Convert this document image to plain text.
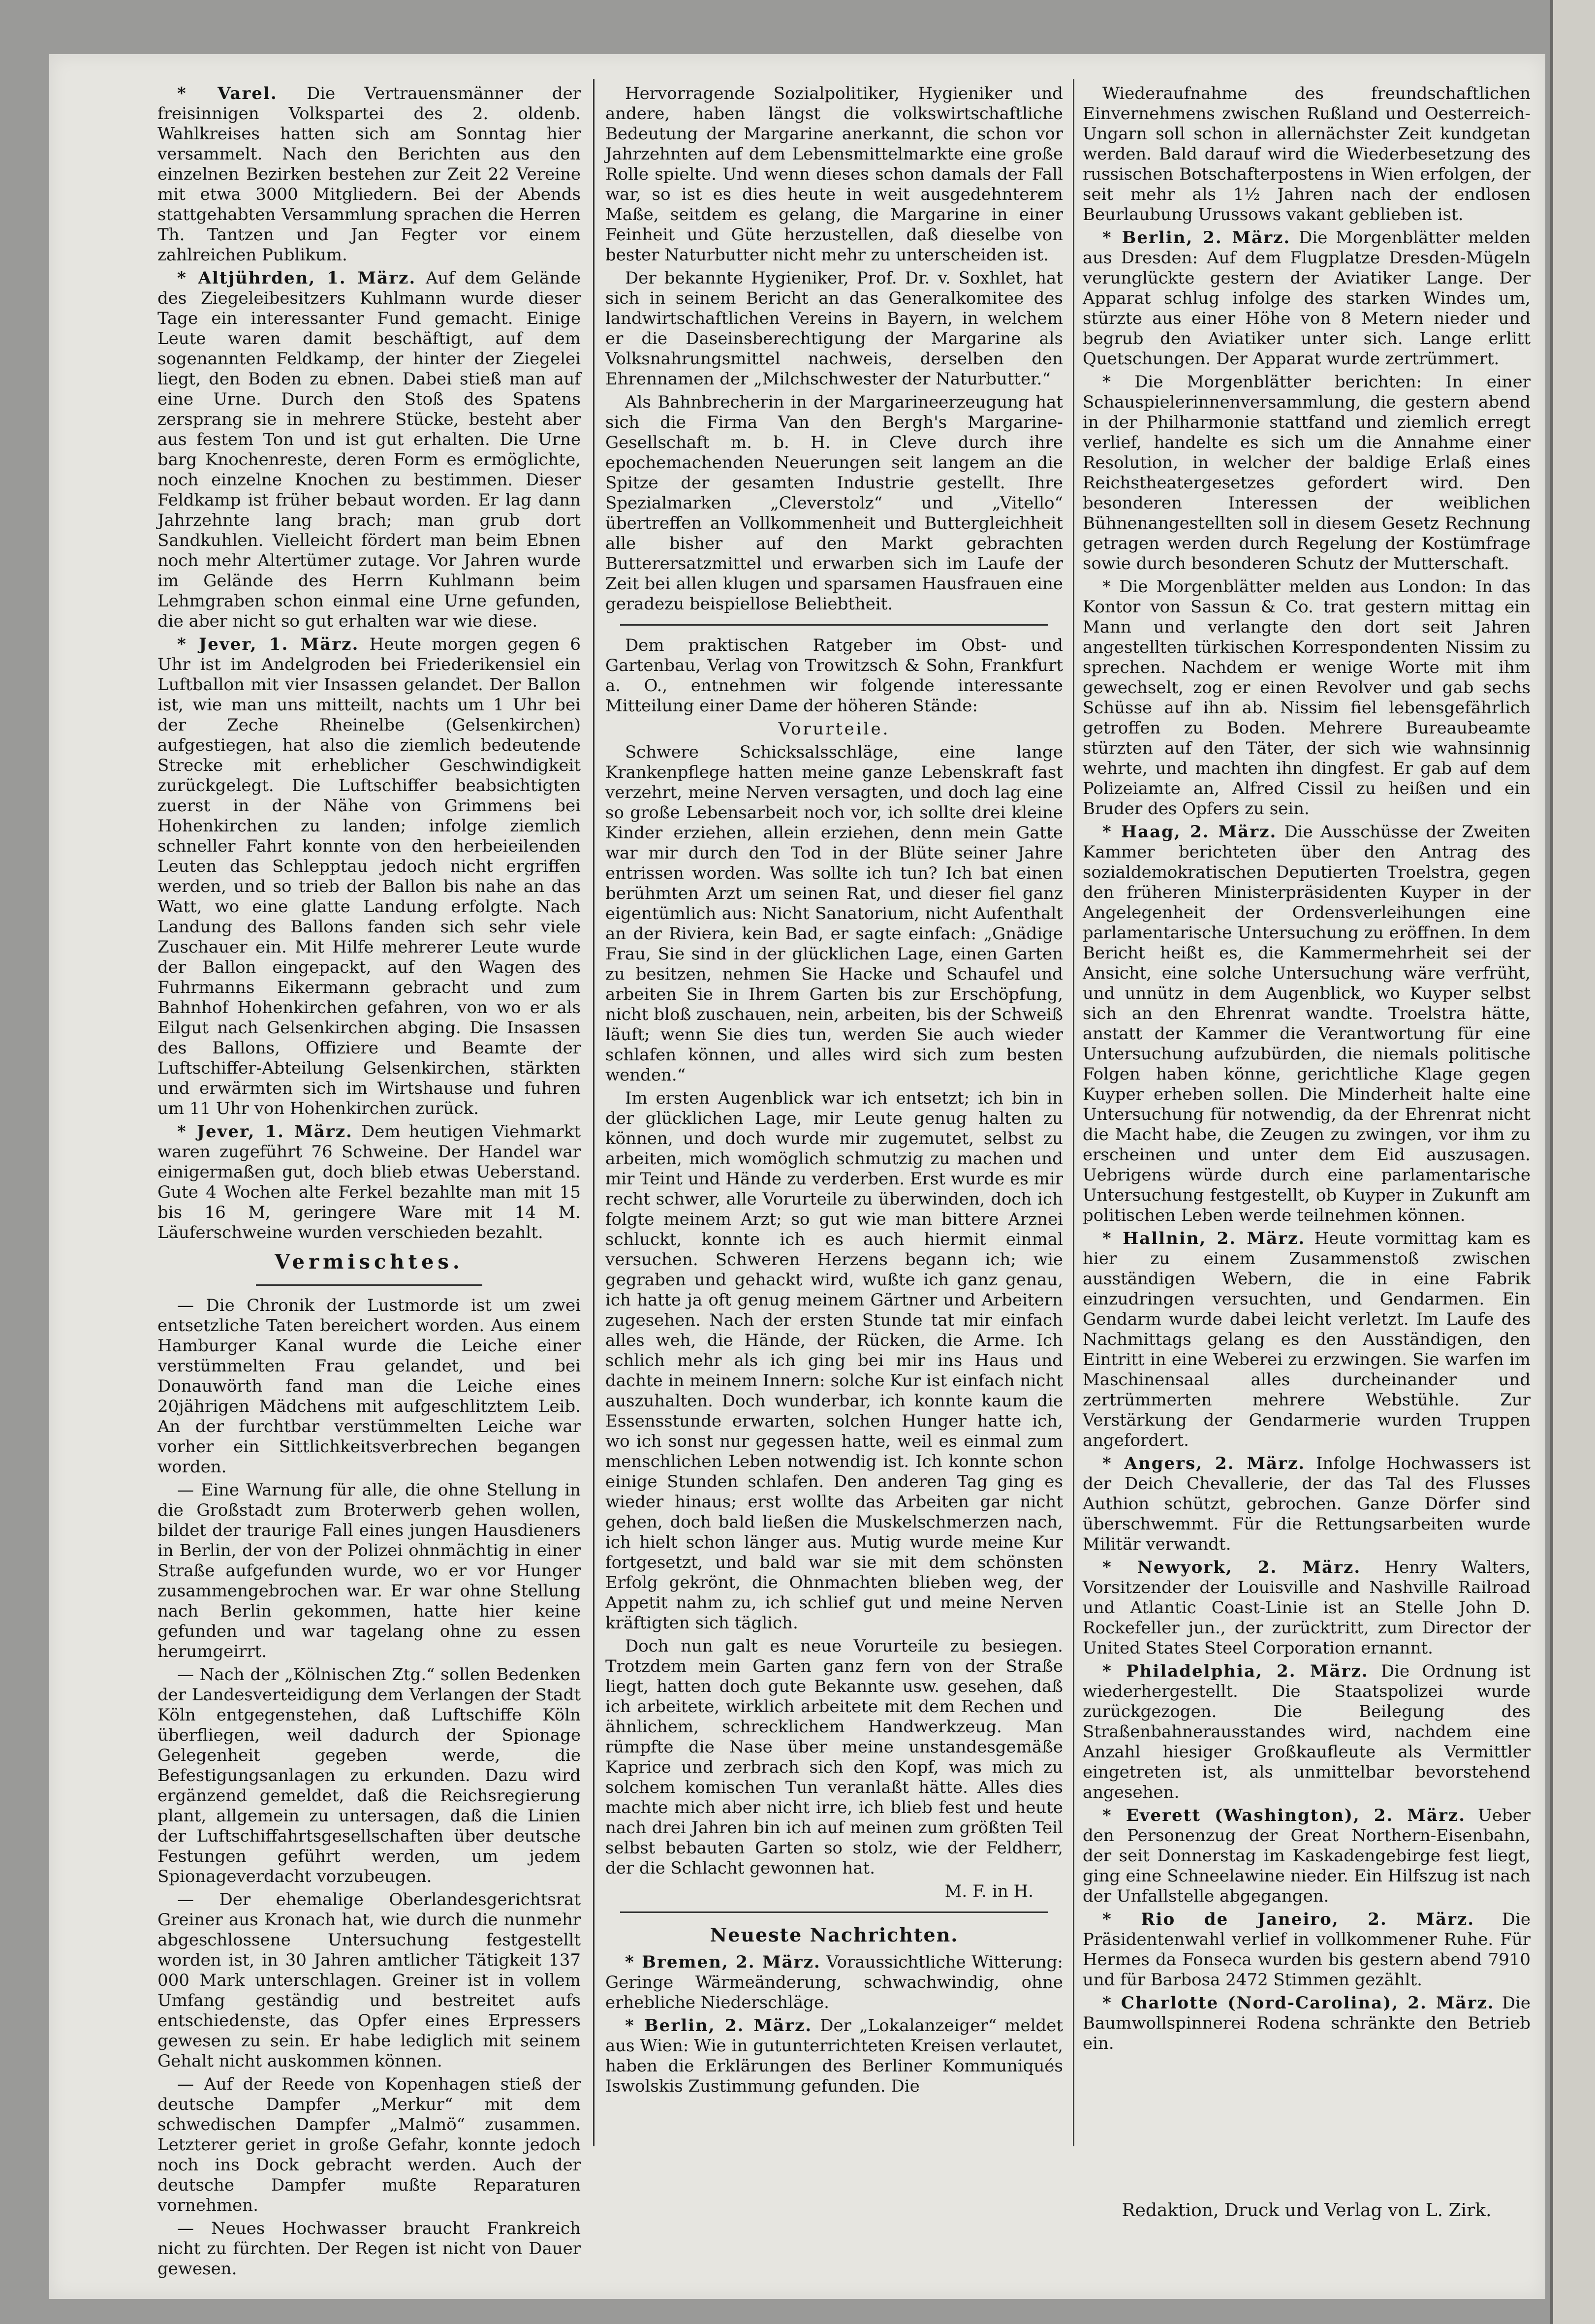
* Varel. Die Vertrauensmänner der freisinnigen Volkspartei des 2. oldenb. Wahlkreises hatten sich am Sonntag hier versammelt. Nach den Berichten aus den einzelnen Bezirken bestehen zur Zeit 22 Vereine mit etwa 3000 Mitgliedern. Bei der Abends stattgehabten Versammlung sprachen die Herren Th. Tantzen und Jan Fegter vor einem zahlreichen Publikum.

* Altjührden, 1. März. Auf dem Gelände des Ziegeleibesitzers Kuhlmann wurde dieser Tage ein interessanter Fund gemacht. Einige Leute waren damit beschäftigt, auf dem sogenannten Feldkamp, der hinter der Ziegelei liegt, den Boden zu ebnen. Dabei stieß man auf eine Urne. Durch den Stoß des Spatens zersprang sie in mehrere Stücke, besteht aber aus festem Ton und ist gut erhalten. Die Urne barg Knochenreste, deren Form es ermöglichte, noch einzelne Knochen zu bestimmen. Dieser Feldkamp ist früher bebaut worden. Er lag dann Jahrzehnte lang brach; man grub dort Sandkuhlen. Vielleicht fördert man beim Ebnen noch mehr Altertümer zutage. Vor Jahren wurde im Gelände des Herrn Kuhlmann beim Lehmgraben schon einmal eine Urne gefunden, die aber nicht so gut erhalten war wie diese.

* Jever, 1. März. Heute morgen gegen 6 Uhr ist im Andelgroden bei Friederikensiel ein Luftballon mit vier Insassen gelandet. Der Ballon ist, wie man uns mitteilt, nachts um 1 Uhr bei der Zeche Rheinelbe (Gelsenkirchen) aufgestiegen, hat also die ziemlich bedeutende Strecke mit erheblicher Geschwindigkeit zurückgelegt. Die Luftschiffer beabsichtigten zuerst in der Nähe von Grimmens bei Hohenkirchen zu landen; infolge ziemlich schneller Fahrt konnte von den herbeieilenden Leuten das Schlepptau jedoch nicht ergriffen werden, und so trieb der Ballon bis nahe an das Watt, wo eine glatte Landung erfolgte. Nach Landung des Ballons fanden sich sehr viele Zuschauer ein. Mit Hilfe mehrerer Leute wurde der Ballon eingepackt, auf den Wagen des Fuhrmanns Eikermann gebracht und zum Bahnhof Hohenkirchen gefahren, von wo er als Eilgut nach Gelsenkirchen abging. Die Insassen des Ballons, Offiziere und Beamte der Luftschiffer-Abteilung Gelsenkirchen, stärkten und erwärmten sich im Wirtshause und fuhren um 11 Uhr von Hohenkirchen zurück.

* Jever, 1. März. Dem heutigen Viehmarkt waren zugeführt 76 Schweine. Der Handel war einigermaßen gut, doch blieb etwas Ueberstand. Gute 4 Wochen alte Ferkel bezahlte man mit 15 bis 16 M, geringere Ware mit 14 M. Läuferschweine wurden verschieden bezahlt.

Vermischtes.

— Die Chronik der Lustmorde ist um zwei entsetzliche Taten bereichert worden. Aus einem Hamburger Kanal wurde die Leiche einer verstümmelten Frau gelandet, und bei Donauwörth fand man die Leiche eines 20jährigen Mädchens mit aufgeschlitztem Leib. An der furchtbar verstümmelten Leiche war vorher ein Sittlichkeitsverbrechen begangen worden.

— Eine Warnung für alle, die ohne Stellung in die Großstadt zum Broterwerb gehen wollen, bildet der traurige Fall eines jungen Hausdieners in Berlin, der von der Polizei ohnmächtig in einer Straße aufgefunden wurde, wo er vor Hunger zusammengebrochen war. Er war ohne Stellung nach Berlin gekommen, hatte hier keine gefunden und war tagelang ohne zu essen herumgeirrt.

— Nach der „Kölnischen Ztg.“ sollen Bedenken der Landesverteidigung dem Verlangen der Stadt Köln entgegenstehen, daß Luftschiffe Köln überfliegen, weil dadurch der Spionage Gelegenheit gegeben werde, die Befestigungsanlagen zu erkunden. Dazu wird ergänzend gemeldet, daß die Reichsregierung plant, allgemein zu untersagen, daß die Linien der Luftschiffahrtsgesellschaften über deutsche Festungen geführt werden, um jedem Spionageverdacht vorzubeugen.

— Der ehemalige Oberlandesgerichtsrat Greiner aus Kronach hat, wie durch die nunmehr abgeschlossene Untersuchung festgestellt worden ist, in 30 Jahren amtlicher Tätigkeit 137 000 Mark unterschlagen. Greiner ist in vollem Umfang geständig und bestreitet aufs entschiedenste, das Opfer eines Erpressers gewesen zu sein. Er habe lediglich mit seinem Gehalt nicht auskommen können.

— Auf der Reede von Kopenhagen stieß der deutsche Dampfer „Merkur“ mit dem schwedischen Dampfer „Malmö“ zusammen. Letzterer geriet in große Gefahr, konnte jedoch noch ins Dock gebracht werden. Auch der deutsche Dampfer mußte Reparaturen vornehmen.

— Neues Hochwasser braucht Frankreich nicht zu fürchten. Der Regen ist nicht von Dauer gewesen.

Hervorragende Sozialpolitiker, Hygieniker und andere, haben längst die volkswirtschaftliche Bedeutung der Margarine anerkannt, die schon vor Jahrzehnten auf dem Lebensmittelmarkte eine große Rolle spielte. Und wenn dieses schon damals der Fall war, so ist es dies heute in weit ausgedehnterem Maße, seitdem es gelang, die Margarine in einer Feinheit und Güte herzustellen, daß dieselbe von bester Naturbutter nicht mehr zu unterscheiden ist.

Der bekannte Hygieniker, Prof. Dr. v. Soxhlet, hat sich in seinem Bericht an das Generalkomitee des landwirtschaftlichen Vereins in Bayern, in welchem er die Daseinsberechtigung der Margarine als Volksnahrungsmittel nachweis, derselben den Ehrennamen der „Milchschwester der Naturbutter.“

Als Bahnbrecherin in der Margarineerzeugung hat sich die Firma Van den Bergh's Margarine-Gesellschaft m. b. H. in Cleve durch ihre epochemachenden Neuerungen seit langem an die Spitze der gesamten Industrie gestellt. Ihre Spezialmarken „Cleverstolz“ und „Vitello“ übertreffen an Vollkommenheit und Buttergleichheit alle bisher auf den Markt gebrachten Butterersatzmittel und erwarben sich im Laufe der Zeit bei allen klugen und sparsamen Hausfrauen eine geradezu beispiellose Beliebtheit.

Dem praktischen Ratgeber im Obst- und Gartenbau, Verlag von Trowitzsch & Sohn, Frankfurt a. O., entnehmen wir folgende interessante Mitteilung einer Dame der höheren Stände:

Vorurteile.

Schwere Schicksalsschläge, eine lange Krankenpflege hatten meine ganze Lebenskraft fast verzehrt, meine Nerven versagten, und doch lag eine so große Lebensarbeit noch vor, ich sollte drei kleine Kinder erziehen, allein erziehen, denn mein Gatte war mir durch den Tod in der Blüte seiner Jahre entrissen worden. Was sollte ich tun? Ich bat einen berühmten Arzt um seinen Rat, und dieser fiel ganz eigentümlich aus: Nicht Sanatorium, nicht Aufenthalt an der Riviera, kein Bad, er sagte einfach: „Gnädige Frau, Sie sind in der glücklichen Lage, einen Garten zu besitzen, nehmen Sie Hacke und Schaufel und arbeiten Sie in Ihrem Garten bis zur Erschöpfung, nicht bloß zuschauen, nein, arbeiten, bis der Schweiß läuft; wenn Sie dies tun, werden Sie auch wieder schlafen können, und alles wird sich zum besten wenden.“

Im ersten Augenblick war ich entsetzt; ich bin in der glücklichen Lage, mir Leute genug halten zu können, und doch wurde mir zugemutet, selbst zu arbeiten, mich womöglich schmutzig zu machen und mir Teint und Hände zu verderben. Erst wurde es mir recht schwer, alle Vorurteile zu überwinden, doch ich folgte meinem Arzt; so gut wie man bittere Arznei schluckt, konnte ich es auch hiermit einmal versuchen. Schweren Herzens begann ich; wie gegraben und gehackt wird, wußte ich ganz genau, ich hatte ja oft genug meinem Gärtner und Arbeitern zugesehen. Nach der ersten Stunde tat mir einfach alles weh, die Hände, der Rücken, die Arme. Ich schlich mehr als ich ging bei mir ins Haus und dachte in meinem Innern: solche Kur ist einfach nicht auszuhalten. Doch wunderbar, ich konnte kaum die Essensstunde erwarten, solchen Hunger hatte ich, wo ich sonst nur gegessen hatte, weil es einmal zum menschlichen Leben notwendig ist. Ich konnte schon einige Stunden schlafen. Den anderen Tag ging es wieder hinaus; erst wollte das Arbeiten gar nicht gehen, doch bald ließen die Muskelschmerzen nach, ich hielt schon länger aus. Mutig wurde meine Kur fortgesetzt, und bald war sie mit dem schönsten Erfolg gekrönt, die Ohnmachten blieben weg, der Appetit nahm zu, ich schlief gut und meine Nerven kräftigten sich täglich.

Doch nun galt es neue Vorurteile zu besiegen. Trotzdem mein Garten ganz fern von der Straße liegt, hatten doch gute Bekannte usw. gesehen, daß ich arbeitete, wirklich arbeitete mit dem Rechen und ähnlichem, schrecklichem Handwerkzeug. Man rümpfte die Nase über meine unstandesgemäße Kaprice und zerbrach sich den Kopf, was mich zu solchem komischen Tun veranlaßt hätte. Alles dies machte mich aber nicht irre, ich blieb fest und heute nach drei Jahren bin ich auf meinen zum größten Teil selbst bebauten Garten so stolz, wie der Feldherr, der die Schlacht gewonnen hat.

M. F. in H.
Neueste Nachrichten.

* Bremen, 2. März. Voraussichtliche Witterung: Geringe Wärmeänderung, schwachwindig, ohne erhebliche Niederschläge.

* Berlin, 2. März. Der „Lokalanzeiger“ meldet aus Wien: Wie in gutunterrichteten Kreisen verlautet, haben die Erklärungen des Berliner Kommuniqués Iswolskis Zustimmung gefunden. Die

Wiederaufnahme des freundschaftlichen Einvernehmens zwischen Rußland und Oesterreich-Ungarn soll schon in allernächster Zeit kundgetan werden. Bald darauf wird die Wiederbesetzung des russischen Botschafterpostens in Wien erfolgen, der seit mehr als 1½ Jahren nach der endlosen Beurlaubung Urussows vakant geblieben ist.

* Berlin, 2. März. Die Morgenblätter melden aus Dresden: Auf dem Flugplatze Dresden-Mügeln verunglückte gestern der Aviatiker Lange. Der Apparat schlug infolge des starken Windes um, stürzte aus einer Höhe von 8 Metern nieder und begrub den Aviatiker unter sich. Lange erlitt Quetschungen. Der Apparat wurde zertrümmert.

* Die Morgenblätter berichten: In einer Schauspielerinnenversammlung, die gestern abend in der Philharmonie stattfand und ziemlich erregt verlief, handelte es sich um die Annahme einer Resolution, in welcher der baldige Erlaß eines Reichstheatergesetzes gefordert wird. Den besonderen Interessen der weiblichen Bühnenangestellten soll in diesem Gesetz Rechnung getragen werden durch Regelung der Kostümfrage sowie durch besonderen Schutz der Mutterschaft.

* Die Morgenblätter melden aus London: In das Kontor von Sassun & Co. trat gestern mittag ein Mann und verlangte den dort seit Jahren angestellten türkischen Korrespondenten Nissim zu sprechen. Nachdem er wenige Worte mit ihm gewechselt, zog er einen Revolver und gab sechs Schüsse auf ihn ab. Nissim fiel lebensgefährlich getroffen zu Boden. Mehrere Bureaubeamte stürzten auf den Täter, der sich wie wahnsinnig wehrte, und machten ihn dingfest. Er gab auf dem Polizeiamte an, Alfred Cissil zu heißen und ein Bruder des Opfers zu sein.

* Haag, 2. März. Die Ausschüsse der Zweiten Kammer berichteten über den Antrag des sozialdemokratischen Deputierten Troelstra, gegen den früheren Ministerpräsidenten Kuyper in der Angelegenheit der Ordensverleihungen eine parlamentarische Untersuchung zu eröffnen. In dem Bericht heißt es, die Kammermehrheit sei der Ansicht, eine solche Untersuchung wäre verfrüht, und unnütz in dem Augenblick, wo Kuyper selbst sich an den Ehrenrat wandte. Troelstra hätte, anstatt der Kammer die Verantwortung für eine Untersuchung aufzubürden, die niemals politische Folgen haben könne, gerichtliche Klage gegen Kuyper erheben sollen. Die Minderheit halte eine Untersuchung für notwendig, da der Ehrenrat nicht die Macht habe, die Zeugen zu zwingen, vor ihm zu erscheinen und unter dem Eid auszusagen. Uebrigens würde durch eine parlamentarische Untersuchung festgestellt, ob Kuyper in Zukunft am politischen Leben werde teilnehmen können.

* Hallnin, 2. März. Heute vormittag kam es hier zu einem Zusammenstoß zwischen ausständigen Webern, die in eine Fabrik einzudringen versuchten, und Gendarmen. Ein Gendarm wurde dabei leicht verletzt. Im Laufe des Nachmittags gelang es den Ausständigen, den Eintritt in eine Weberei zu erzwingen. Sie warfen im Maschinensaal alles durcheinander und zertrümmerten mehrere Webstühle. Zur Verstärkung der Gendarmerie wurden Truppen angefordert.

* Angers, 2. März. Infolge Hochwassers ist der Deich Chevallerie, der das Tal des Flusses Authion schützt, gebrochen. Ganze Dörfer sind überschwemmt. Für die Rettungsarbeiten wurde Militär verwandt.

* Newyork, 2. März. Henry Walters, Vorsitzender der Louisville and Nashville Railroad und Atlantic Coast-Linie ist an Stelle John D. Rockefeller jun., der zurücktritt, zum Director der United States Steel Corporation ernannt.

* Philadelphia, 2. März. Die Ordnung ist wiederhergestellt. Die Staatspolizei wurde zurückgezogen. Die Beilegung des Straßenbahnerausstandes wird, nachdem eine Anzahl hiesiger Großkaufleute als Vermittler eingetreten ist, als unmittelbar bevorstehend angesehen.

* Everett (Washington), 2. März. Ueber den Personenzug der Great Northern-Eisenbahn, der seit Donnerstag im Kaskadengebirge fest liegt, ging eine Schneelawine nieder. Ein Hilfszug ist nach der Unfallstelle abgegangen.

* Rio de Janeiro, 2. März. Die Präsidentenwahl verlief in vollkommener Ruhe. Für Hermes da Fonseca wurden bis gestern abend 7910 und für Barbosa 2472 Stimmen gezählt.

* Charlotte (Nord-Carolina), 2. März. Die Baumwollspinnerei Rodena schränkte den Betrieb ein.

Redaktion, Druck und Verlag von L. Zirk.
